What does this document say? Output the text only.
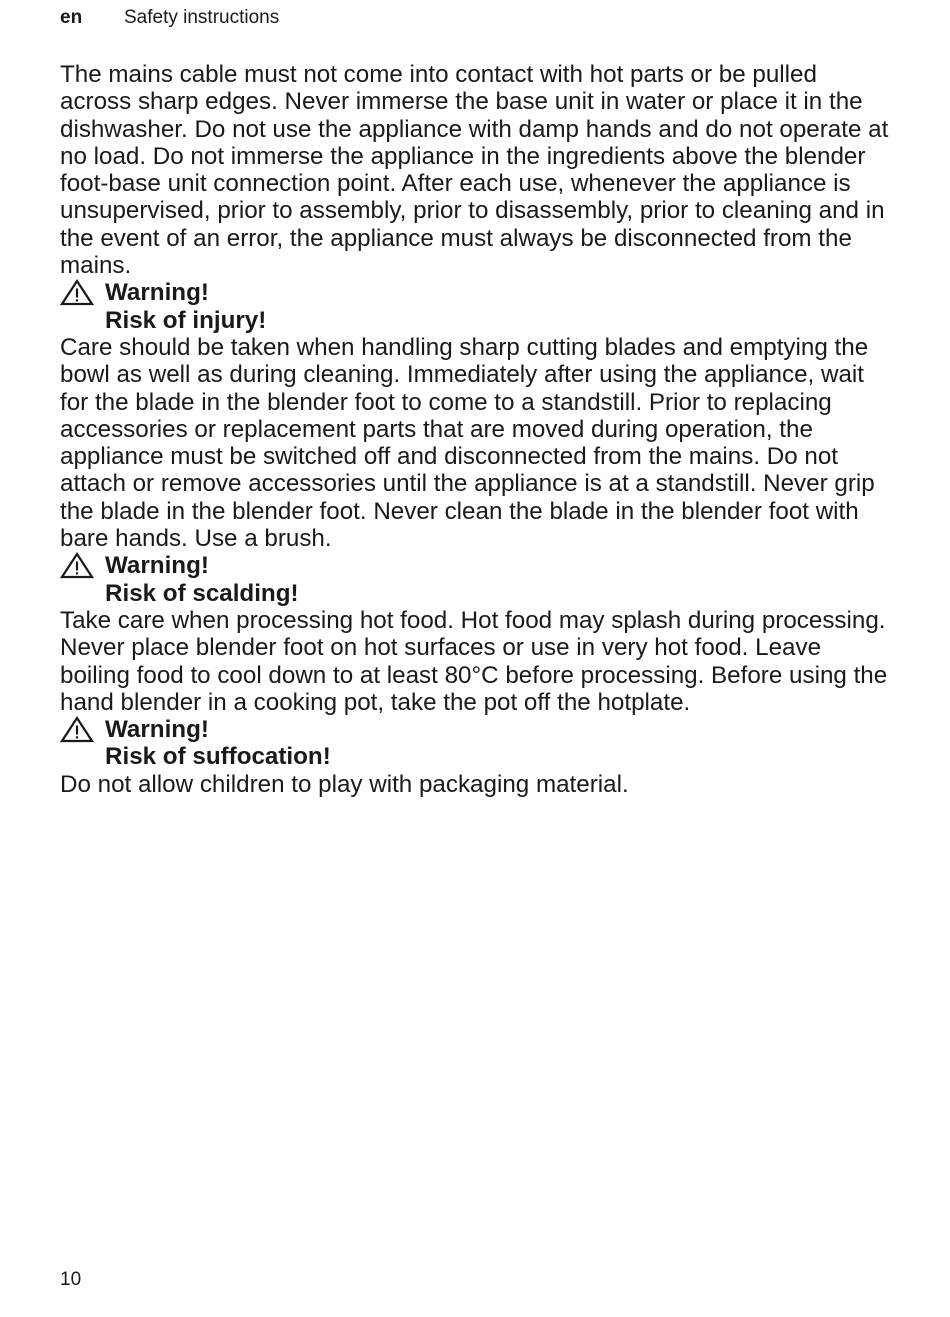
en Safety instructions

The mains cable must not come into contact with hot parts or be pulled across sharp edges. Never immerse the base unit in water or place it in the dishwasher. Do not use the appliance with damp hands and do not operate at no load. Do not immerse the appliance in the ingredients above the blender foot-base unit connection point. After each use, whenever the appliance is unsupervised, prior to assembly, prior to disassembly, prior to cleaning and in the event of an error, the appliance must always be disconnected from the mains.

Warning!
Risk of injury!

Care should be taken when handling sharp cutting blades and emptying the bowl as well as during cleaning. Immediately after using the appliance, wait for the blade in the blender foot to come to a standstill. Prior to replacing accessories or replacement parts that are moved during operation, the appliance must be switched off and disconnected from the mains. Do not attach or remove accessories until the appliance is at a standstill. Never grip the blade in the blender foot. Never clean the blade in the blender foot with bare hands. Use a brush.

Warning!
Risk of scalding!

Take care when processing hot food. Hot food may splash during processing. Never place blender foot on hot surfaces or use in very hot food. Leave boiling food to cool down to at least 80°C before processing. Before using the hand blender in a cooking pot, take the pot off the hotplate.

Warning!
Risk of suffocation!

Do not allow children to play with packaging material.

10
